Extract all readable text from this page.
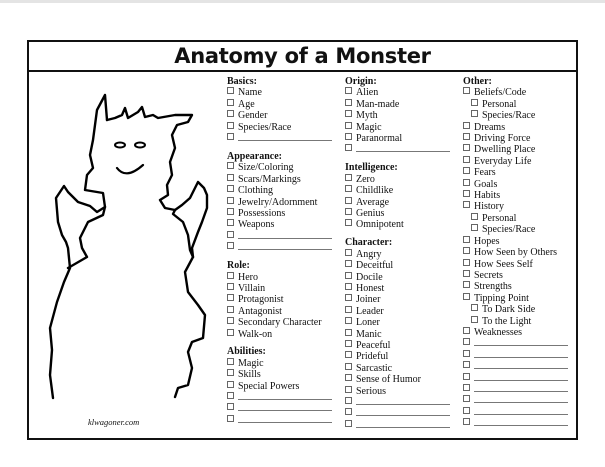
Anatomy of a Monster
klwagoner.com
Basics:
Name
Age
Gender
Species/Race
Appearance:
Size/Coloring
Scars/Markings
Clothing
Jewelry/Adornment
Possessions
Weapons
Role:
Hero
Villain
Protagonist
Antagonist
Secondary Character
Walk-on
Abilities:
Magic
Skills
Special Powers
Origin:
Alien
Man-made
Myth
Magic
Paranormal
Intelligence:
Zero
Childlike
Average
Genius
Omnipotent
Character:
Angry
Deceitful
Docile
Honest
Joiner
Leader
Loner
Manic
Peaceful
Prideful
Sarcastic
Sense of Humor
Serious
Other:
Beliefs/Code
Personal
Species/Race
Dreams
Driving Force
Dwelling Place
Everyday Life
Fears
Goals
Habits
History
Personal
Species/Race
Hopes
How Seen by Others
How Sees Self
Secrets
Strengths
Tipping Point
To Dark Side
To the Light
Weaknesses
